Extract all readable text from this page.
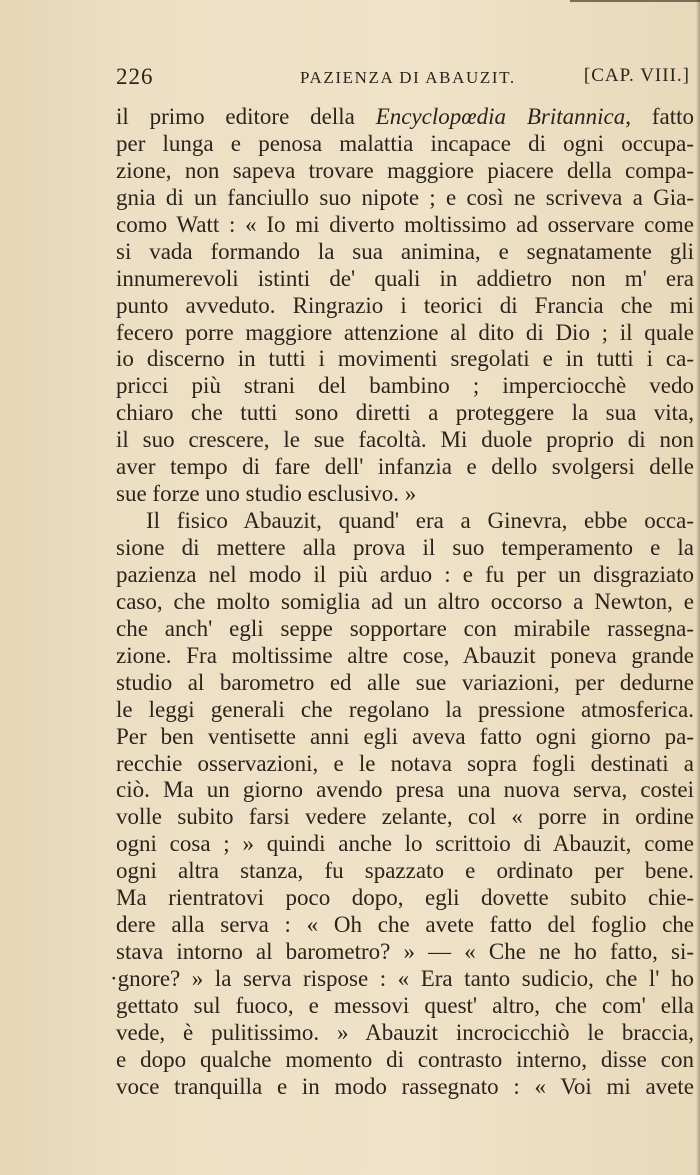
226	PAZIENZA DI ABAUZIT.	[CAP. VIII.]
il primo editore della Encyclopœdia Britannica, fatto
per lunga e penosa malattia incapace di ogni occupa-
zione, non sapeva trovare maggiore piacere della compa-
gnia di un fanciullo suo nipote ; e così ne scriveva a Gia-
como Watt : « Io mi diverto moltissimo ad osservare come
si vada formando la sua animina, e segnatamente gli
innumerevoli istinti de' quali in addietro non m' era
punto avveduto. Ringrazio i teorici di Francia che mi
fecero porre maggiore attenzione al dito di Dio ; il quale
io discerno in tutti i movimenti sregolati e in tutti i ca-
pricci più strani del bambino ; imperciocchè vedo
chiaro che tutti sono diretti a proteggere la sua vita,
il suo crescere, le sue facoltà. Mi duole proprio di non
aver tempo di fare dell' infanzia e dello svolgersi delle
sue forze uno studio esclusivo. »
Il fisico Abauzit, quand' era a Ginevra, ebbe occa-
sione di mettere alla prova il suo temperamento e la
pazienza nel modo il più arduo : e fu per un disgraziato
caso, che molto somiglia ad un altro occorso a Newton, e
che anch' egli seppe sopportare con mirabile rassegna-
zione. Fra moltissime altre cose, Abauzit poneva grande
studio al barometro ed alle sue variazioni, per dedurne
le leggi generali che regolano la pressione atmosferica.
Per ben ventisette anni egli aveva fatto ogni giorno pa-
recchie osservazioni, e le notava sopra fogli destinati a
ciò. Ma un giorno avendo presa una nuova serva, costei
volle subito farsi vedere zelante, col « porre in ordine
ogni cosa ; » quindi anche lo scrittoio di Abauzit, come
ogni altra stanza, fu spazzato e ordinato per bene.
Ma rientratovi poco dopo, egli dovette subito chie-
dere alla serva : « Oh che avete fatto del foglio che
stava intorno al barometro? » — « Che ne ho fatto, si-
·gnore? » la serva rispose : « Era tanto sudicio, che l' ho
gettato sul fuoco, e messovi quest' altro, che com' ella
vede, è pulitissimo. » Abauzit incrocicchiò le braccia,
e dopo qualche momento di contrasto interno, disse con
voce tranquilla e in modo rassegnato : « Voi mi avete
